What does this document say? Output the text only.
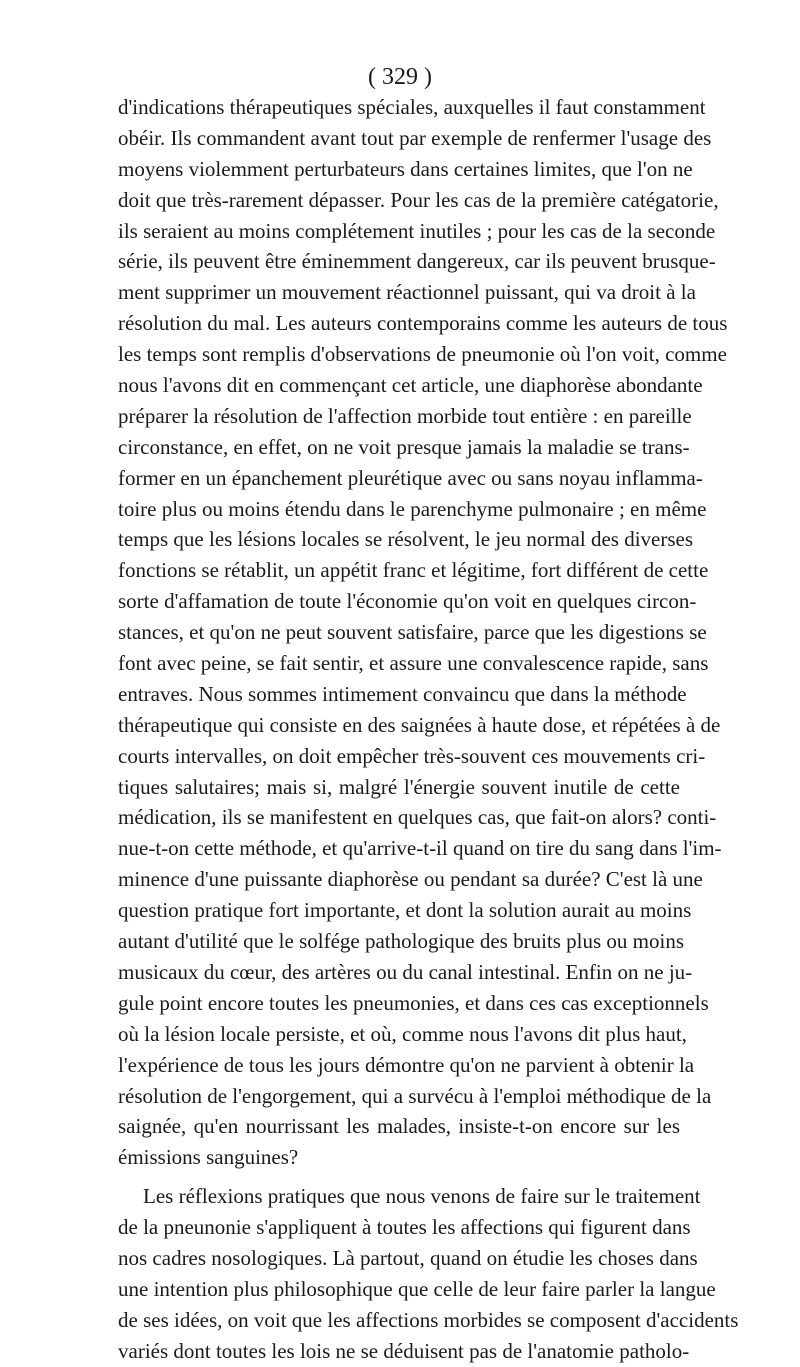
( 329 )
d'indications thérapeutiques spéciales, auxquelles il faut constamment
obéir. Ils commandent avant tout par exemple de renfermer l'usage des
moyens violemment perturbateurs dans certaines limites, que l'on ne
doit que très-rarement dépasser. Pour les cas de la première catégatorie,
ils seraient au moins complétement inutiles ; pour les cas de la seconde
série, ils peuvent être éminemment dangereux, car ils peuvent brusque-
ment supprimer un mouvement réactionnel puissant, qui va droit à la
résolution du mal. Les auteurs contemporains comme les auteurs de tous
les temps sont remplis d'observations de pneumonie où l'on voit, comme
nous l'avons dit en commençant cet article, une diaphorèse abondante
préparer la résolution de l'affection morbide tout entière : en pareille
circonstance, en effet, on ne voit presque jamais la maladie se trans-
former en un épanchement pleurétique avec ou sans noyau inflamma-
toire plus ou moins étendu dans le parenchyme pulmonaire ; en même
temps que les lésions locales se résolvent, le jeu normal des diverses
fonctions se rétablit, un appétit franc et légitime, fort différent de cette
sorte d'affamation de toute l'économie qu'on voit en quelques circon-
stances, et qu'on ne peut souvent satisfaire, parce que les digestions se
font avec peine, se fait sentir, et assure une convalescence rapide, sans
entraves. Nous sommes intimement convaincu que dans la méthode
thérapeutique qui consiste en des saignées à haute dose, et répétées à de
courts intervalles, on doit empêcher très-souvent ces mouvements cri-
tiques salutaires; mais si, malgré l'énergie souvent inutile de cette
médication, ils se manifestent en quelques cas, que fait-on alors? conti-
nue-t-on cette méthode, et qu'arrive-t-il quand on tire du sang dans l'im-
minence d'une puissante diaphorèse ou pendant sa durée? C'est là une
question pratique fort importante, et dont la solution aurait au moins
autant d'utilité que le solfége pathologique des bruits plus ou moins
musicaux du cœur, des artères ou du canal intestinal. Enfin on ne ju-
gule point encore toutes les pneumonies, et dans ces cas exceptionnels
où la lésion locale persiste, et où, comme nous l'avons dit plus haut,
l'expérience de tous les jours démontre qu'on ne parvient à obtenir la
résolution de l'engorgement, qui a survécu à l'emploi méthodique de la
saignée, qu'en nourrissant les malades, insiste-t-on encore sur les
émissions sanguines?
Les réflexions pratiques que nous venons de faire sur le traitement
de la pneunonie s'appliquent à toutes les affections qui figurent dans
nos cadres nosologiques. Là partout, quand on étudie les choses dans
une intention plus philosophique que celle de leur faire parler la langue
de ses idées, on voit que les affections morbides se composent d'accidents
variés dont toutes les lois ne se déduisent pas de l'anatomie patholo-
